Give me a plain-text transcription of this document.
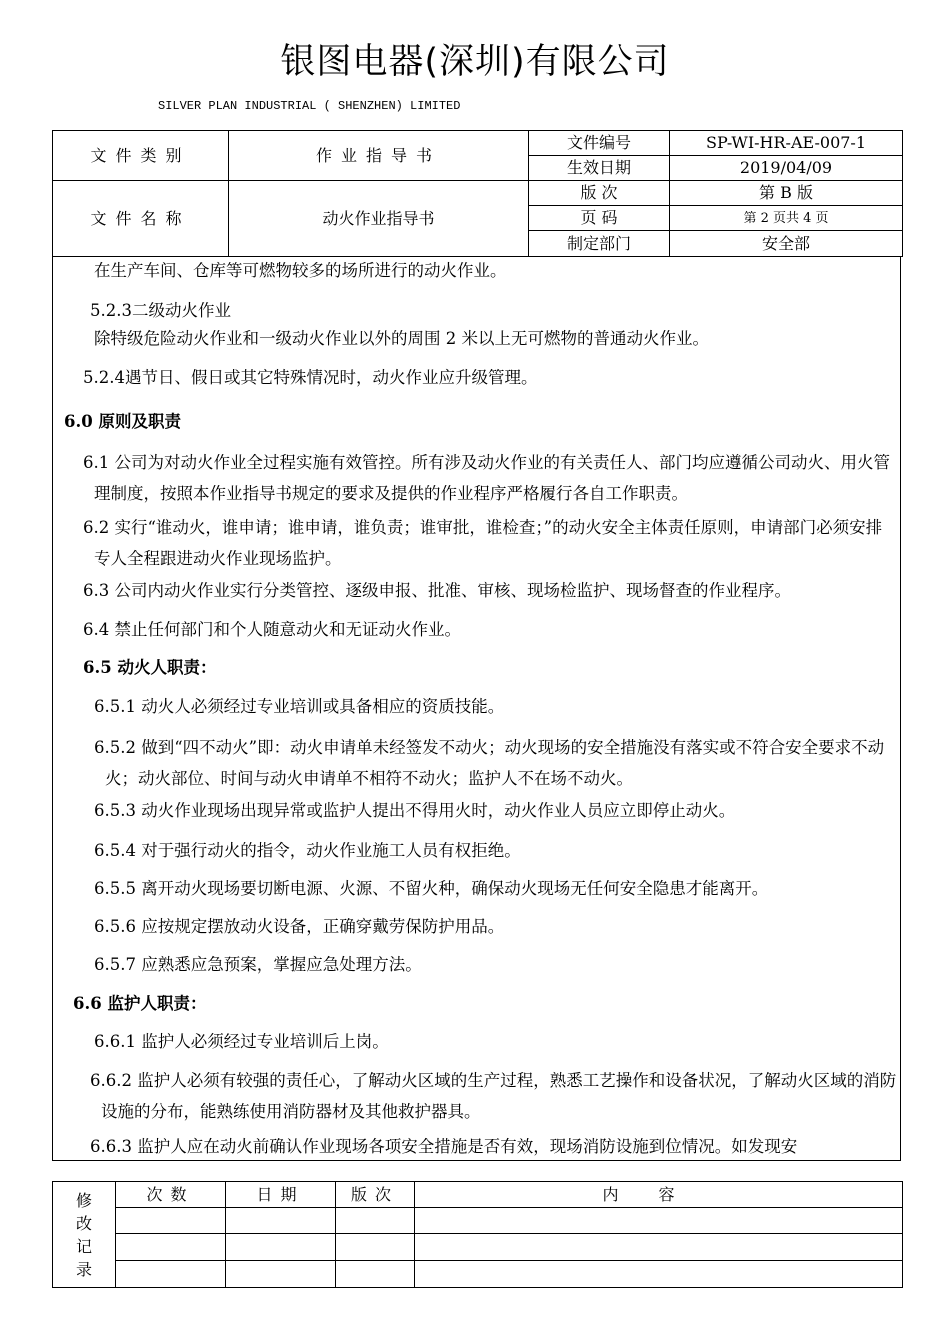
银图电器(深圳)有限公司
SILVER PLAN INDUSTRIAL ( SHENZHEN) LIMITED
文件类别	作业指导书	文件编号	SP-WI-HR-AE-007-1
		生效日期	2019/04/09
文件名称	动火作业指导书	版 次	第 B 版
		页 码	第 2 页共 4 页
		制定部门	安全部
在生产车间、仓库等可燃物较多的场所进行的动火作业。
5.2.3二级动火作业
除特级危险动火作业和一级动火作业以外的周围 2 米以上无可燃物的普通动火作业。
5.2.4遇节日、假日或其它特殊情况时，动火作业应升级管理。
6.0 原则及职责
6.1 公司为对动火作业全过程实施有效管控。所有涉及动火作业的有关责任人、部门均应遵循公司动火、用火管理制度，按照本作业指导书规定的要求及提供的作业程序严格履行各自工作职责。
6.2 实行“谁动火，谁申请；谁申请，谁负责；谁审批，谁检查；”的动火安全主体责任原则，申请部门必须安排专人全程跟进动火作业现场监护。
6.3 公司内动火作业实行分类管控、逐级申报、批准、审核、现场检监护、现场督查的作业程序。
6.4 禁止任何部门和个人随意动火和无证动火作业。
6.5 动火人职责：
6.5.1 动火人必须经过专业培训或具备相应的资质技能。
6.5.2 做到“四不动火”即：动火申请单未经签发不动火；动火现场的安全措施没有落实或不符合安全要求不动火；动火部位、时间与动火申请单不相符不动火；监护人不在场不动火。
6.5.3 动火作业现场出现异常或监护人提出不得用火时，动火作业人员应立即停止动火。
6.5.4 对于强行动火的指令，动火作业施工人员有权拒绝。
6.5.5 离开动火现场要切断电源、火源、不留火种，确保动火现场无任何安全隐患才能离开。
6.5.6 应按规定摆放动火设备，正确穿戴劳保防护用品。
6.5.7 应熟悉应急预案，掌握应急处理方法。
6.6 监护人职责：
6.6.1 监护人必须经过专业培训后上岗。
6.6.2 监护人必须有较强的责任心，了解动火区域的生产过程，熟悉工艺操作和设备状况，了解动火区域的消防设施的分布，能熟练使用消防器材及其他救护器具。
6.6.3 监护人应在动火前确认作业现场各项安全措施是否有效，现场消防设施到位情况。如发现安
修
改
记
录	次数	日期	版次	内容
